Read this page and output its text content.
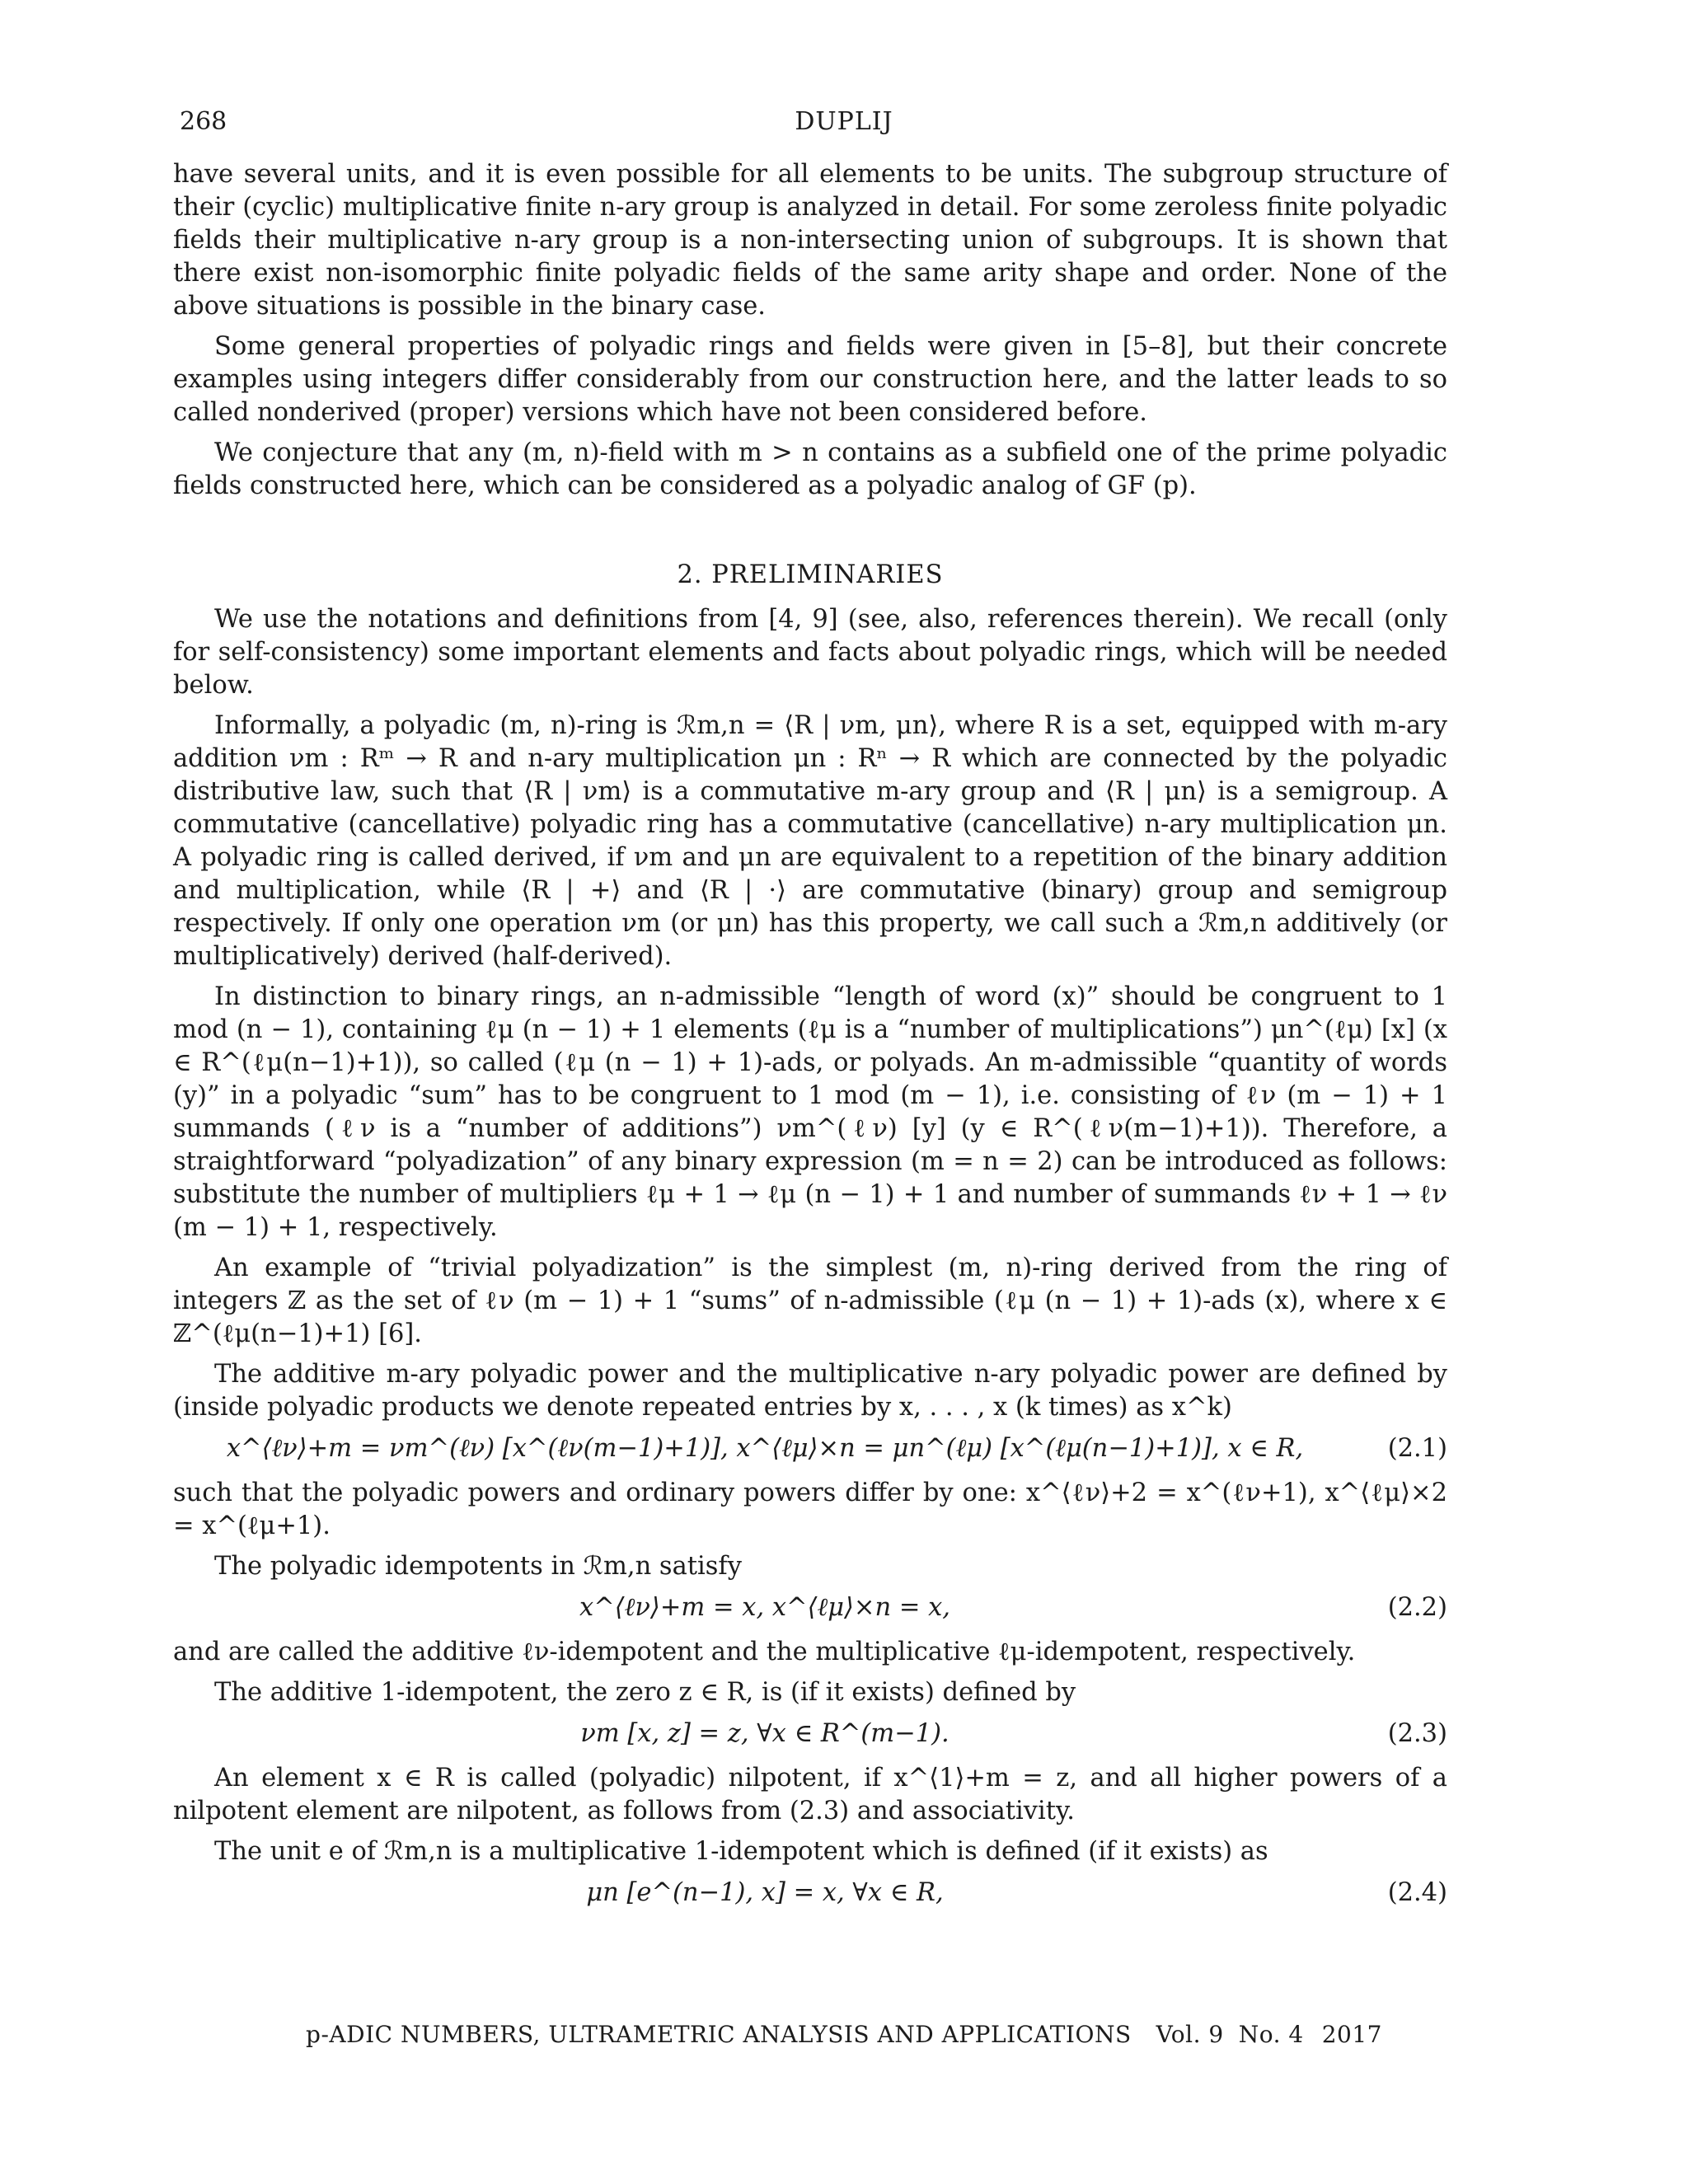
268	DUPLIJ

have several units, and it is even possible for all elements to be units. The subgroup structure of their (cyclic) multiplicative finite n-ary group is analyzed in detail. For some zeroless finite polyadic fields their multiplicative n-ary group is a non-intersecting union of subgroups. It is shown that there exist non-isomorphic finite polyadic fields of the same arity shape and order. None of the above situations is possible in the binary case.

Some general properties of polyadic rings and fields were given in [5–8], but their concrete examples using integers differ considerably from our construction here, and the latter leads to so called nonderived (proper) versions which have not been considered before.

We conjecture that any (m, n)-field with m > n contains as a subfield one of the prime polyadic fields constructed here, which can be considered as a polyadic analog of GF (p).

2. PRELIMINARIES

We use the notations and definitions from [4, 9] (see, also, references therein). We recall (only for self-consistency) some important elements and facts about polyadic rings, which will be needed below.

Informally, a polyadic (m, n)-ring is ℛm,n = ⟨R | νm, μn⟩, where R is a set, equipped with m-ary addition νm : Rᵐ → R and n-ary multiplication μn : Rⁿ → R which are connected by the polyadic distributive law, such that ⟨R | νm⟩ is a commutative m-ary group and ⟨R | μn⟩ is a semigroup. A commutative (cancellative) polyadic ring has a commutative (cancellative) n-ary multiplication μn. A polyadic ring is called derived, if νm and μn are equivalent to a repetition of the binary addition and multiplication, while ⟨R | +⟩ and ⟨R | ·⟩ are commutative (binary) group and semigroup respectively. If only one operation νm (or μn) has this property, we call such a ℛm,n additively (or multiplicatively) derived (half-derived).

In distinction to binary rings, an n-admissible “length of word (x)” should be congruent to 1 mod (n − 1), containing ℓμ (n − 1) + 1 elements (ℓμ is a “number of multiplications”) μn^(ℓμ) [x] (x ∈ R^(ℓμ(n−1)+1)), so called (ℓμ (n − 1) + 1)-ads, or polyads. An m-admissible “quantity of words (y)” in a polyadic “sum” has to be congruent to 1 mod (m − 1), i.e. consisting of ℓν (m − 1) + 1 summands (ℓν is a “number of additions”) νm^(ℓν) [y] (y ∈ R^(ℓν(m−1)+1)). Therefore, a straightforward “polyadization” of any binary expression (m = n = 2) can be introduced as follows: substitute the number of multipliers ℓμ + 1 → ℓμ (n − 1) + 1 and number of summands ℓν + 1 → ℓν (m − 1) + 1, respectively.

An example of “trivial polyadization” is the simplest (m, n)-ring derived from the ring of integers ℤ as the set of ℓν (m − 1) + 1 “sums” of n-admissible (ℓμ (n − 1) + 1)-ads (x), where x ∈ ℤ^(ℓμ(n−1)+1) [6].

The additive m-ary polyadic power and the multiplicative n-ary polyadic power are defined by (inside polyadic products we denote repeated entries by x, . . . , x (k times) as x^k)

x^⟨ℓν⟩+m = νm^(ℓν) [x^(ℓν(m−1)+1)], x^⟨ℓμ⟩×n = μn^(ℓμ) [x^(ℓμ(n−1)+1)], x ∈ R,	(2.1)

such that the polyadic powers and ordinary powers differ by one: x^⟨ℓν⟩+2 = x^(ℓν+1), x^⟨ℓμ⟩×2 = x^(ℓμ+1).

The polyadic idempotents in ℛm,n satisfy

x^⟨ℓν⟩+m = x, x^⟨ℓμ⟩×n = x,	(2.2)

and are called the additive ℓν-idempotent and the multiplicative ℓμ-idempotent, respectively.

The additive 1-idempotent, the zero z ∈ R, is (if it exists) defined by

νm [x, z] = z, ∀x ∈ R^(m−1).	(2.3)

An element x ∈ R is called (polyadic) nilpotent, if x^⟨1⟩+m = z, and all higher powers of a nilpotent element are nilpotent, as follows from (2.3) and associativity.

The unit e of ℛm,n is a multiplicative 1-idempotent which is defined (if it exists) as

μn [e^(n−1), x] = x, ∀x ∈ R,	(2.4)
p-ADIC NUMBERS, ULTRAMETRIC ANALYSIS AND APPLICATIONS Vol. 9 No. 4 2017
